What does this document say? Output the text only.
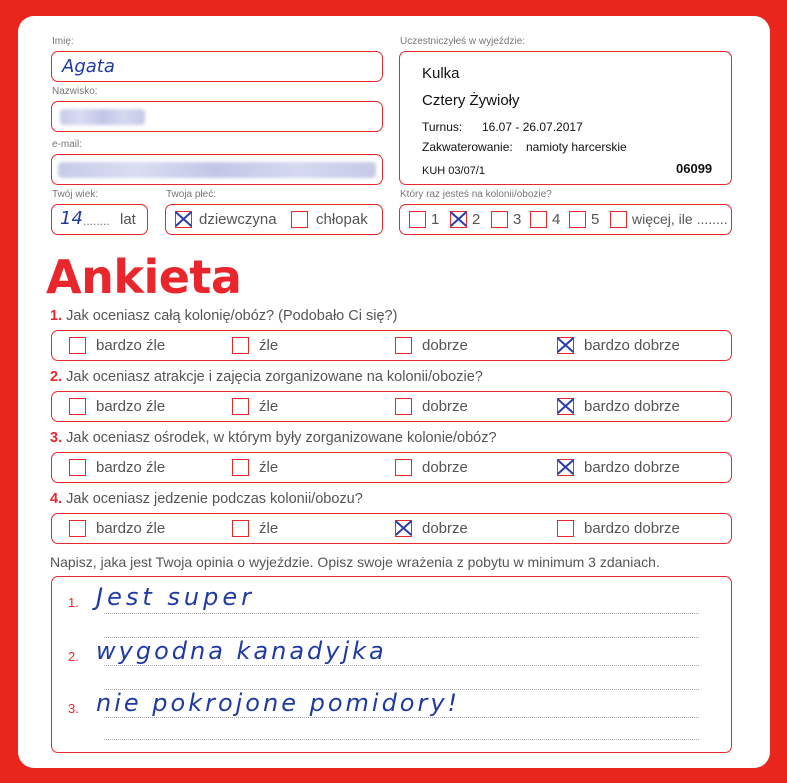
Imię:
Agata
Nazwisko:
e-mail:
Twój wiek:
14 ........ lat
Twoja płeć:
dziewczyna	chłopak
Uczestniczyłeś w wyjeździe:
Kulka
Cztery Żywioły
Turnus: 16.07 - 26.07.2017
Zakwaterowanie: namioty harcerskie
KUH 03/07/1	06099
Który raz jesteś na kolonii/obozie?
1 2 3 4 5 więcej, ile ........
Ankieta
1. Jak oceniasz całą kolonię/obóz? (Podobało Ci się?)
bardzo źle	źle	dobrze	bardzo dobrze
2. Jak oceniasz atrakcje i zajęcia zorganizowane na kolonii/obozie?
bardzo źle	źle	dobrze	bardzo dobrze
3. Jak oceniasz ośrodek, w którym były zorganizowane kolonie/obóz?
bardzo źle	źle	dobrze	bardzo dobrze
4. Jak oceniasz jedzenie podczas kolonii/obozu?
bardzo źle	źle	dobrze	bardzo dobrze
Napisz, jaka jest Twoja opinia o wyjeździe. Opisz swoje wrażenia z pobytu w minimum 3 zdaniach.
1. Jest super
2. wygodna kanadyjka
3. nie pokrojone pomidory!
